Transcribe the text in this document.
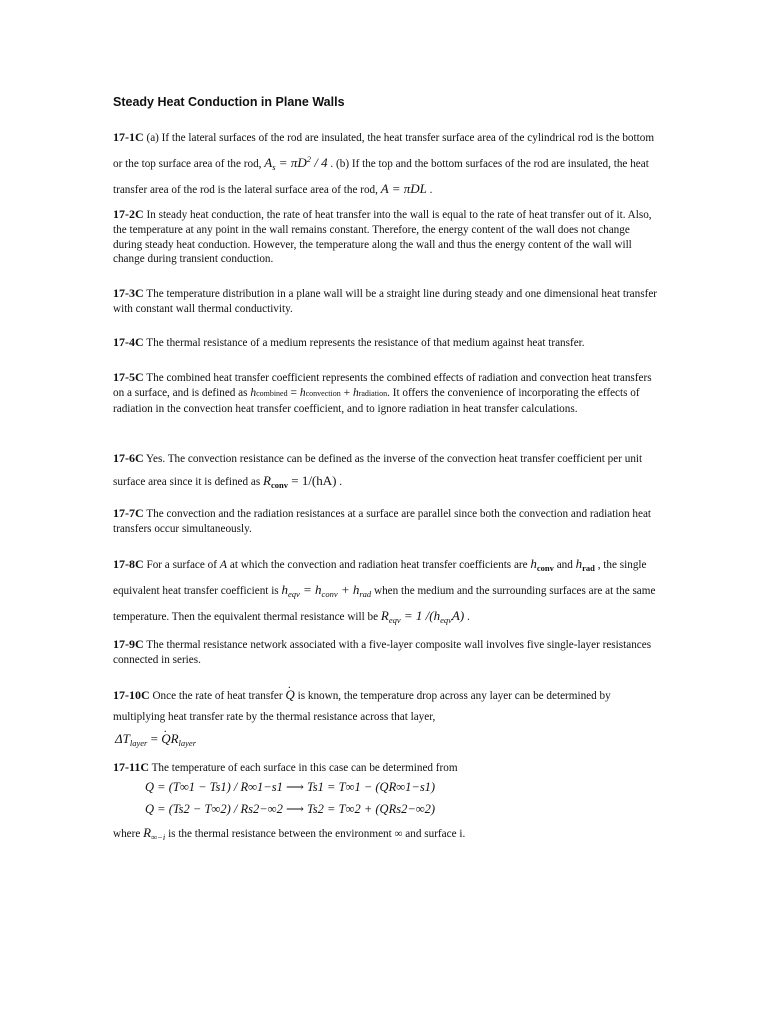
Steady Heat Conduction in Plane Walls
17-1C (a) If the lateral surfaces of the rod are insulated, the heat transfer surface area of the cylindrical rod is the bottom or the top surface area of the rod, $A_s = \pi D^2 / 4$ . (b) If the top and the bottom surfaces of the rod are insulated, the heat transfer area of the rod is the lateral surface area of the rod, A = πDL .
17-2C In steady heat conduction, the rate of heat transfer into the wall is equal to the rate of heat transfer out of it. Also, the temperature at any point in the wall remains constant. Therefore, the energy content of the wall does not change during steady heat conduction. However, the temperature along the wall and thus the energy content of the wall will change during transient conduction.
17-3C The temperature distribution in a plane wall will be a straight line during steady and one dimensional heat transfer with constant wall thermal conductivity.
17-4C The thermal resistance of a medium represents the resistance of that medium against heat transfer.
17-5C The combined heat transfer coefficient represents the combined effects of radiation and convection heat transfers on a surface, and is defined as hcombined = hconvection + hradiation. It offers the convenience of incorporating the effects of radiation in the convection heat transfer coefficient, and to ignore radiation in heat transfer calculations.
17-6C Yes. The convection resistance can be defined as the inverse of the convection heat transfer coefficient per unit surface area since it is defined as $R_{conv} = 1/(hA)$ .
17-7C The convection and the radiation resistances at a surface are parallel since both the convection and radiation heat transfers occur simultaneously.
17-8C For a surface of A at which the convection and radiation heat transfer coefficients are $h_{conv}$ and $h_{rad}$ , the single equivalent heat transfer coefficient is $h_{eqv} = h_{conv} + h_{rad}$ when the medium and the surrounding surfaces are at the same temperature. Then the equivalent thermal resistance will be $R_{eqv} = 1$ $/(h_{eqv}A)$ .
17-9C The thermal resistance network associated with a five-layer composite wall involves five single-layer resistances connected in series.
17-10C Once the rate of heat transfer · Q is known, the temperature drop across any layer can be determined by multiplying heat transfer rate by the thermal resistance across that layer,
$\Delta T_{layer}$ = · $QR_{layer}$
17-11C The temperature of each surface in this case can be determined from
Q = (T∞1 − Ts1) / R∞1−s1 ⟶ Ts1 = T∞1 − (QR∞1−s1)
Q = (Ts2 − T∞2) / Rs2−∞2 ⟶ Ts2 = T∞2 + (QRs2−∞2)
where $R_{\infty-i}$ is the thermal resistance between the environment ∞ and surface i.
